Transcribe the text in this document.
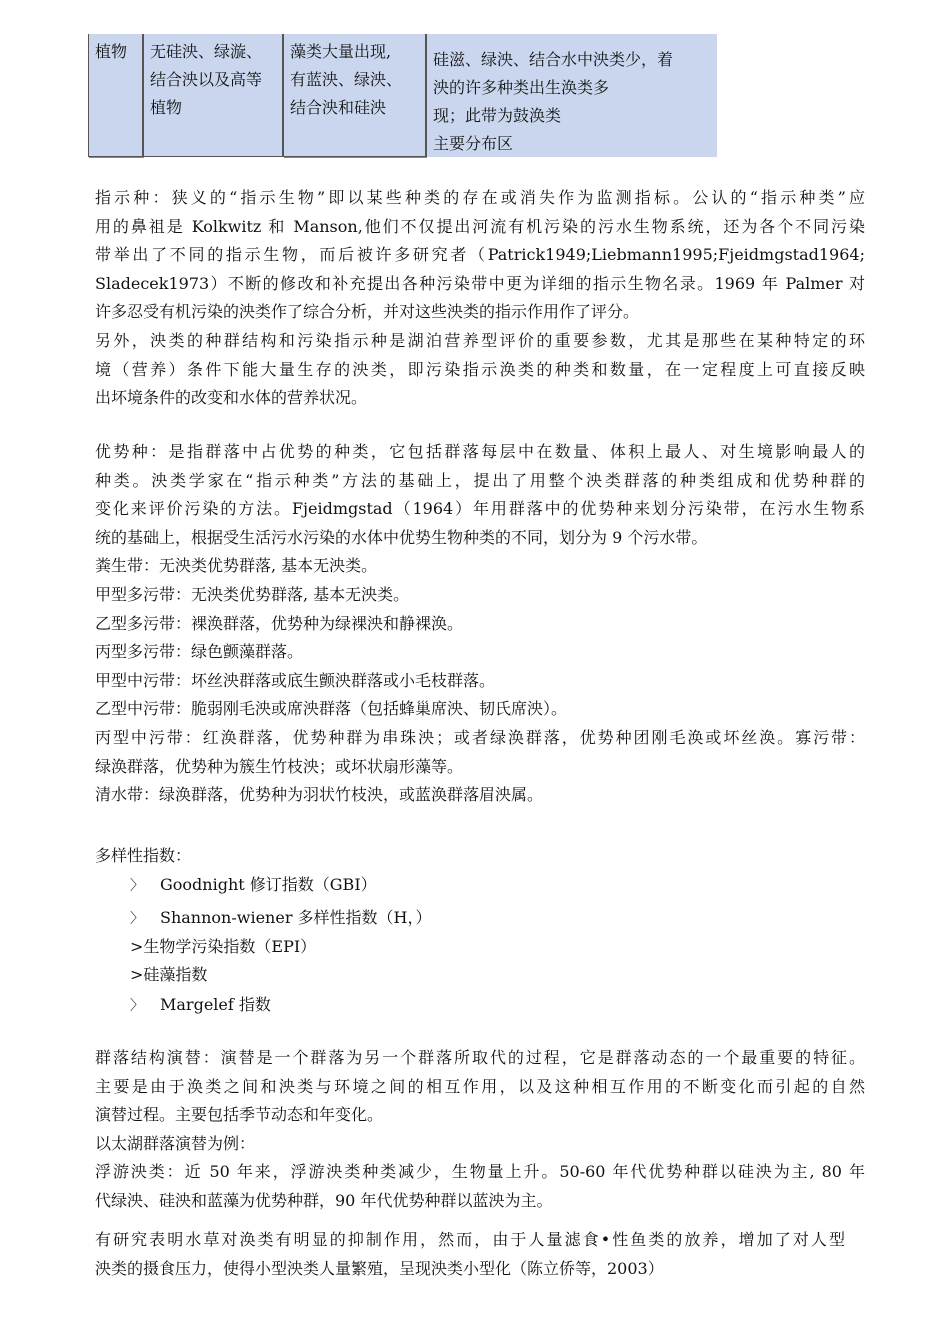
植物	无硅泱、绿漩、
结合泱以及高等
植物
藻类大量出现,
有蓝泱、绿泱、
结合泱和硅泱
硅滋、绿泱、结合水中泱类少，着
泱的许多种类出生涣类多
现；此带为鼓涣类
主要分布区
指示种：狭义的“指示生物”即以某些种类的存在或消失作为监测指标。公认的“指示种类”应
用的鼻祖是 Kolkwitz 和 Manson,他们不仅提出河流有机污染的污水生物系统，还为各个不同污染
带举出了不同的指示生物，而后被许多研究者（Patrick1949;Liebmann1995;Fjeidmgstad1964;
Sladecek1973）不断的修改和补充提出各种污染带中更为详细的指示生物名录。1969 年 Palmer 对
许多忍受有机污染的泱类作了综合分析，并对这些泱类的指示作用作了评分。
另外，泱类的种群结构和污染指示种是湖泊营养型评价的重要参数，尤其是那些在某种特定的环
境（营养）条件下能大量生存的泱类，即污染指示涣类的种类和数量，在一定程度上可直接反映
出坏境条件的改变和水体的营养状况。
优势种：是指群落中占优势的种类，它包括群落每层中在数量、体积上最人、对生境影响最人的
种类。泱类学家在“指示种类”方法的基础上，提出了用整个泱类群落的种类组成和优势种群的
变化来评价污染的方法。Fjeidmgstad（1964）年用群落中的优势种来划分污染带，在污水生物系
统的基础上，根据受生活污水污染的水体中优势生物种类的不同，划分为 9 个污水带。
粪生带：无泱类优势群落, 基本无泱类。
甲型多污带：无泱类优势群落, 基本无泱类。
乙型多污带：裸涣群落，优势种为绿裸泱和静裸涣。
丙型多污带：绿色颤藻群落。
甲型中污带：坏丝泱群落或底生颤泱群落或小毛枝群落。
乙型中污带：脆弱刚毛泱或席泱群落（包括蜂巢席泱、韧氏席泱）。
丙型中污带：红涣群落，优势种群为串珠泱；或者绿涣群落，优势种团刚毛涣或坏丝涣。寡污带：
绿涣群落，优势种为簇生竹枝泱；或坏状扇形藻等。
清水带：绿涣群落，优势种为羽状竹枝泱，或蓝涣群落眉泱属。
多样性指数：
〉 Goodnight 修订指数（GBI）
〉 Shannon-wiener 多样性指数（H，）
>生物学污染指数（EPI）
>硅藻指数
〉 Margelef 指数
群落结构演替：演替是一个群落为另一个群落所取代的过程，它是群落动态的一个最重要的特征。
主要是由于涣类之间和泱类与环境之间的相互作用，以及这种相互作用的不断变化而引起的自然
演替过程。主要包括季节动态和年变化。
以太湖群落演替为例：
浮游泱类：近 50 年来，浮游泱类种类减少，生物量上升。50-60 年代优势种群以硅泱为主, 80 年
代绿泱、硅泱和蓝藻为优势种群，90 年代优势种群以蓝泱为主。
有研究表明水草对涣类有明显的抑制作用，然而，由于人量滤食•性鱼类的放养，增加了对人型
泱类的摄食压力，使得小型泱类人量繁殖，呈现泱类小型化（陈立侨等，2003）
